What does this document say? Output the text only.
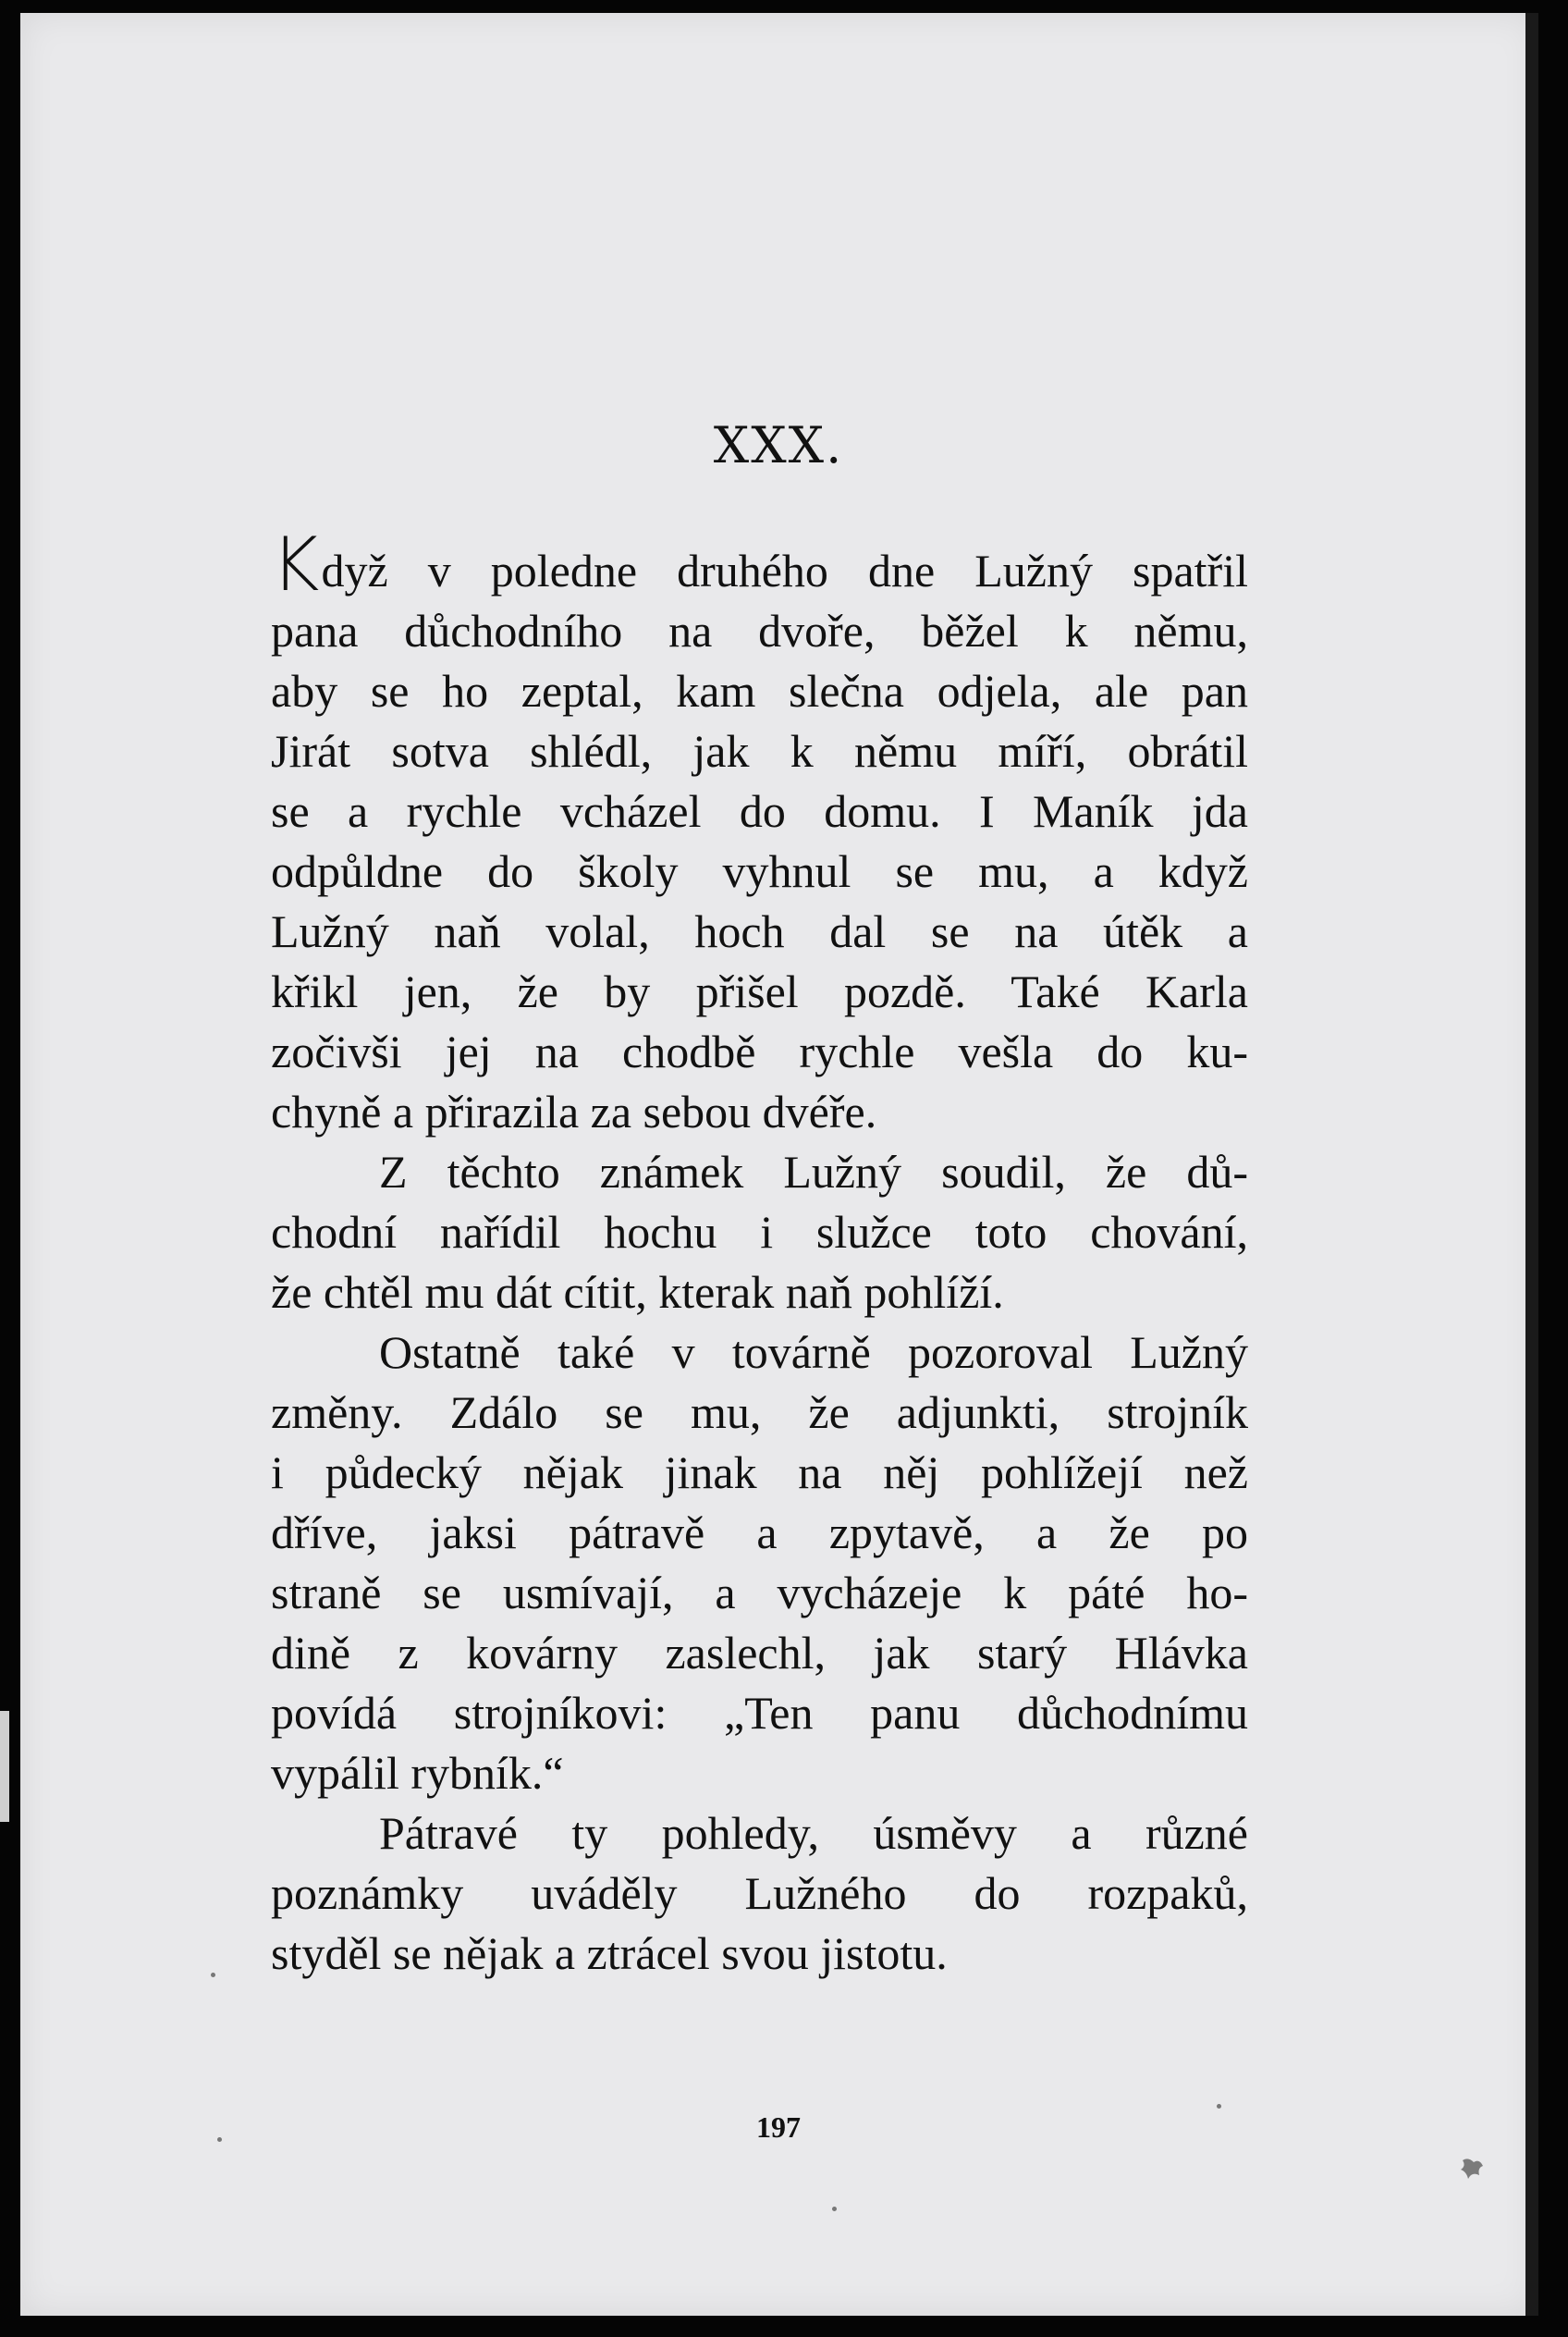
XXX.
Když v poledne druhého dne Lužný spatřil
pana důchodního na dvoře, běžel k němu,
aby se ho zeptal, kam slečna odjela, ale pan
Jirát sotva shlédl, jak k němu míří, obrátil
se a rychle vcházel do domu. I Maník jda
odpůldne do školy vyhnul se mu, a když
Lužný naň volal, hoch dal se na útěk a
křikl jen, že by přišel pozdě. Také Karla
zočivši jej na chodbě rychle vešla do ku-
chyně a přirazila za sebou dvéře.
Z těchto známek Lužný soudil, že dů-
chodní nařídil hochu i služce toto chování,
že chtěl mu dát cítit, kterak naň pohlíží.
Ostatně také v továrně pozoroval Lužný
změny. Zdálo se mu, že adjunkti, strojník
i půdecký nějak jinak na něj pohlížejí než
dříve, jaksi pátravě a zpytavě, a že po
straně se usmívají, a vycházeje k páté ho-
dině z kovárny zaslechl, jak starý Hlávka
povídá strojníkovi: „Ten panu důchodnímu
vypálil rybník.“
Pátravé ty pohledy, úsměvy a různé
poznámky uváděly Lužného do rozpaků,
styděl se nějak a ztrácel svou jistotu.
197
